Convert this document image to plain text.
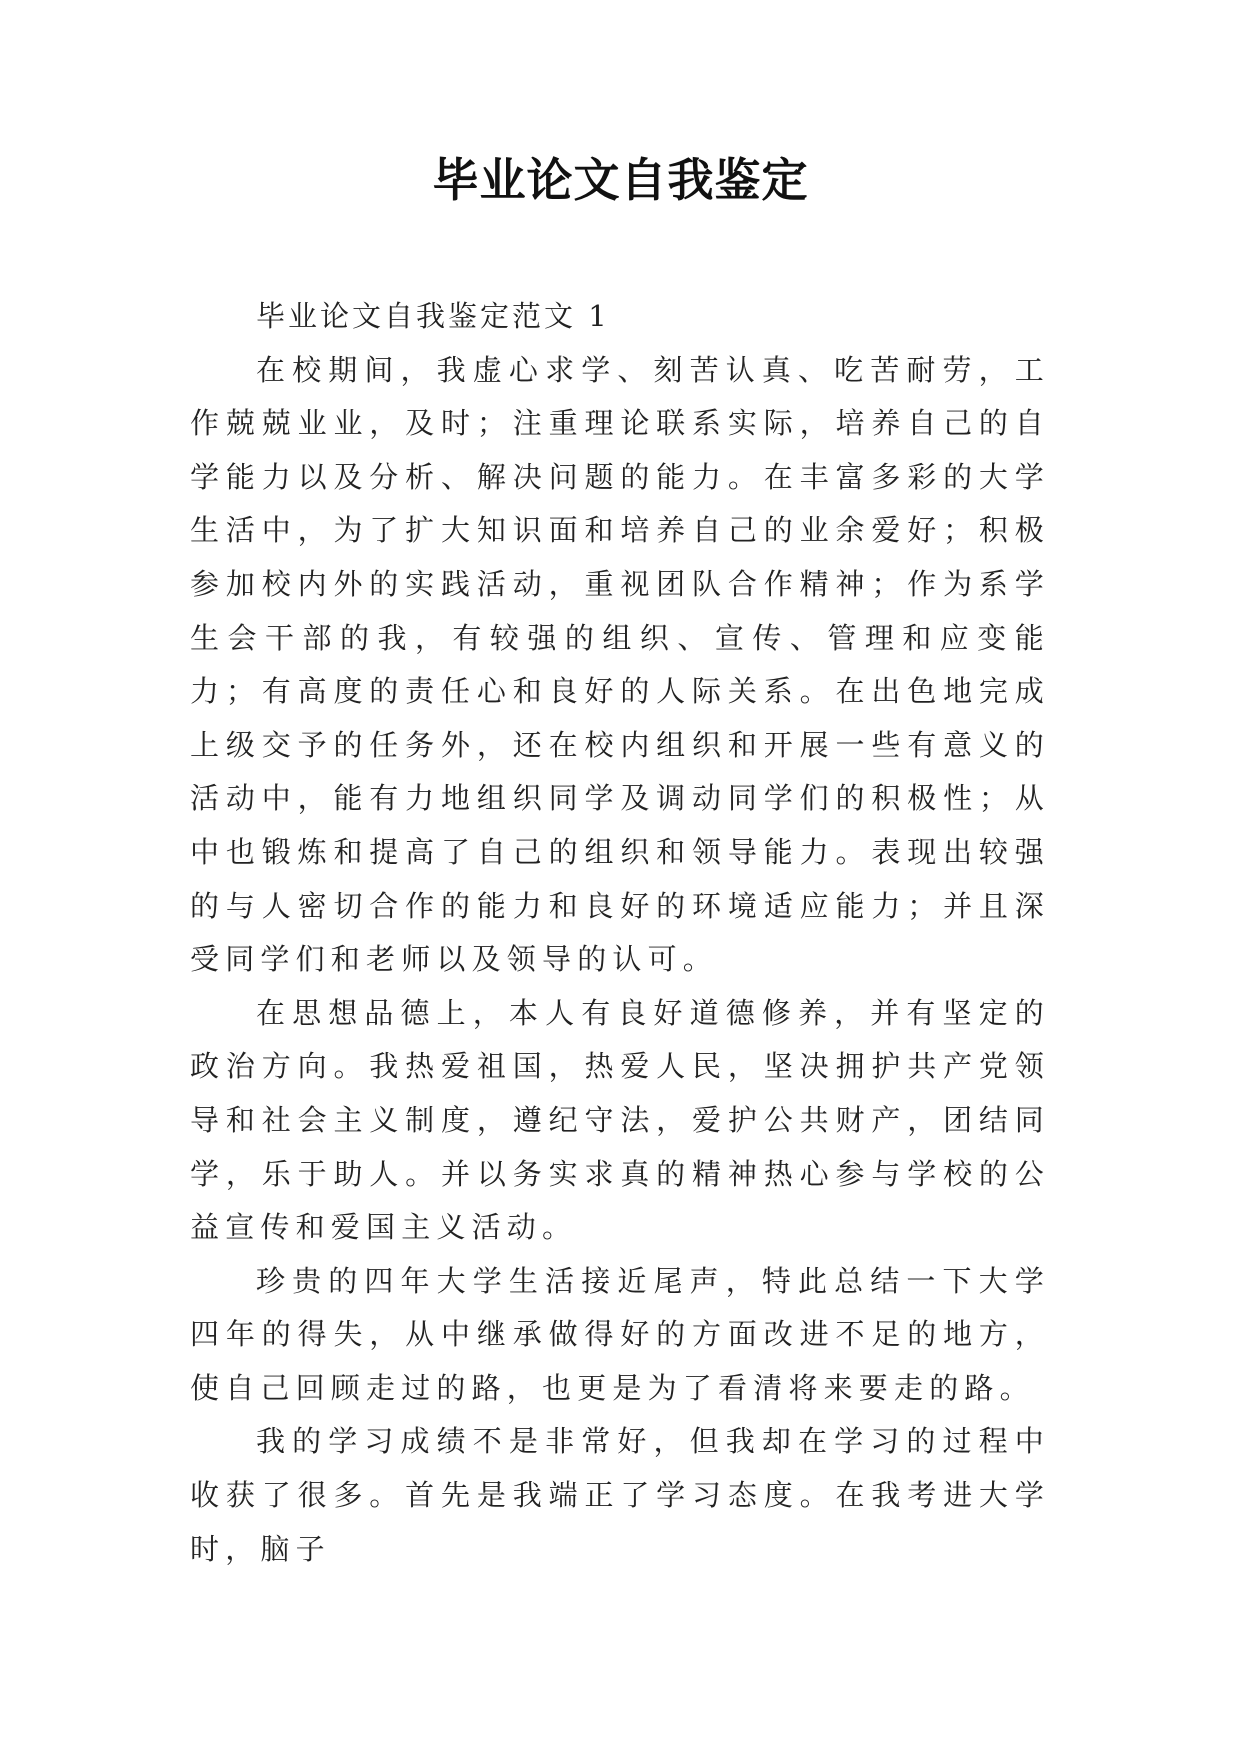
毕业论文自我鉴定

毕业论文自我鉴定范文 1

在校期间，我虚心求学、刻苦认真、吃苦耐劳，工作兢兢业业，及时；注重理论联系实际，培养自己的自学能力以及分析、解决问题的能力。在丰富多彩的大学生活中，为了扩大知识面和培养自己的业余爱好；积极参加校内外的实践活动，重视团队合作精神；作为系学生会干部的我，有较强的组织、宣传、管理和应变能力；有高度的责任心和良好的人际关系。在出色地完成上级交予的任务外，还在校内组织和开展一些有意义的活动中，能有力地组织同学及调动同学们的积极性；从中也锻炼和提高了自己的组织和领导能力。表现出较强的与人密切合作的能力和良好的环境适应能力；并且深受同学们和老师以及领导的认可。

在思想品德上，本人有良好道德修养，并有坚定的政治方向。我热爱祖国，热爱人民，坚决拥护共产党领导和社会主义制度，遵纪守法，爱护公共财产，团结同学，乐于助人。并以务实求真的精神热心参与学校的公益宣传和爱国主义活动。

珍贵的四年大学生活接近尾声，特此总结一下大学四年的得失，从中继承做得好的方面改进不足的地方，使自己回顾走过的路，也更是为了看清将来要走的路。

我的学习成绩不是非常好，但我却在学习的过程中收获了很多。首先是我端正了学习态度。在我考进大学时，脑子
